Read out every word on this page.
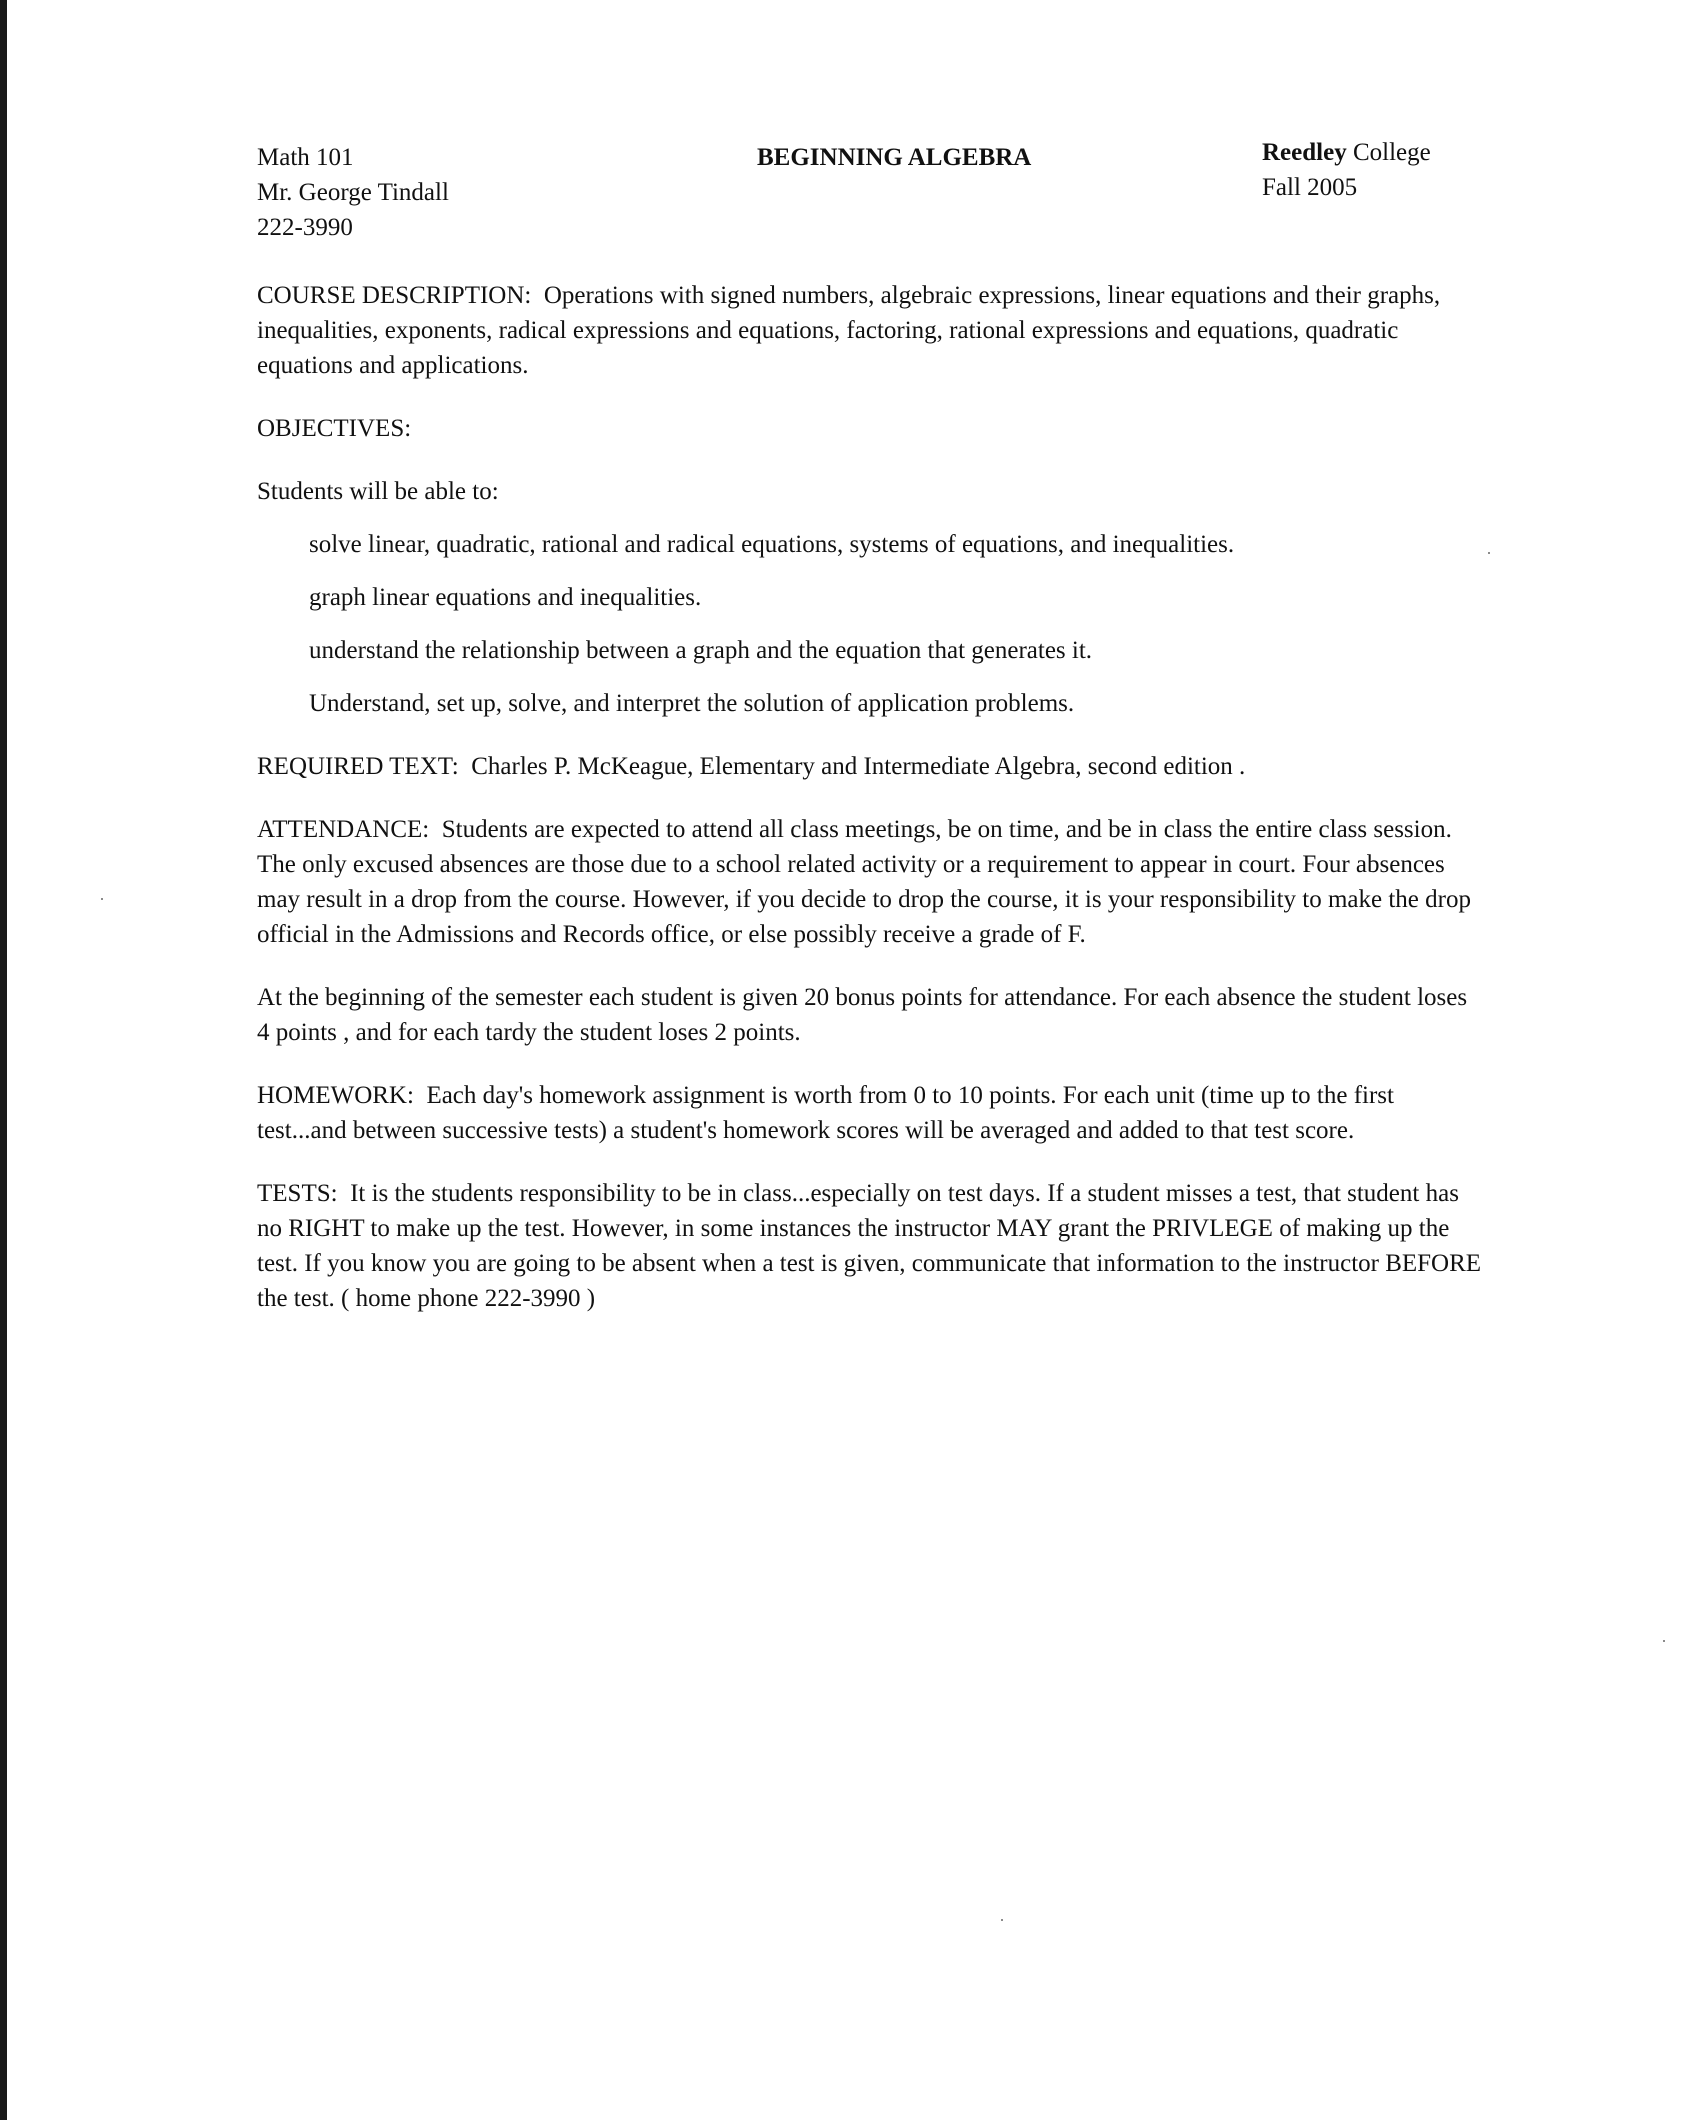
Math 101
Mr. George Tindall
222-3990
BEGINNING ALGEBRA	Reedley College
Fall 2005

COURSE DESCRIPTION: Operations with signed numbers, algebraic expressions, linear equations and their graphs, inequalities, exponents, radical expressions and equations, factoring, rational expressions and equations, quadratic equations and applications.

OBJECTIVES:

Students will be able to:

solve linear, quadratic, rational and radical equations, systems of equations, and inequalities.

graph linear equations and inequalities.

understand the relationship between a graph and the equation that generates it.

Understand, set up, solve, and interpret the solution of application problems.

REQUIRED TEXT: Charles P. McKeague, Elementary and Intermediate Algebra, second edition .

ATTENDANCE: Students are expected to attend all class meetings, be on time, and be in class the entire class session. The only excused absences are those due to a school related activity or a requirement to appear in court. Four absences may result in a drop from the course. However, if you decide to drop the course, it is your responsibility to make the drop official in the Admissions and Records office, or else possibly receive a grade of F.

At the beginning of the semester each student is given 20 bonus points for attendance. For each absence the student loses 4 points , and for each tardy the student loses 2 points.

HOMEWORK: Each day's homework assignment is worth from 0 to 10 points. For each unit (time up to the first test...and between successive tests) a student's homework scores will be averaged and added to that test score.

TESTS: It is the students responsibility to be in class...especially on test days. If a student misses a test, that student has no RIGHT to make up the test. However, in some instances the instructor MAY grant the PRIVLEGE of making up the test. If you know you are going to be absent when a test is given, communicate that information to the instructor BEFORE the test. ( home phone 222-3990 )
